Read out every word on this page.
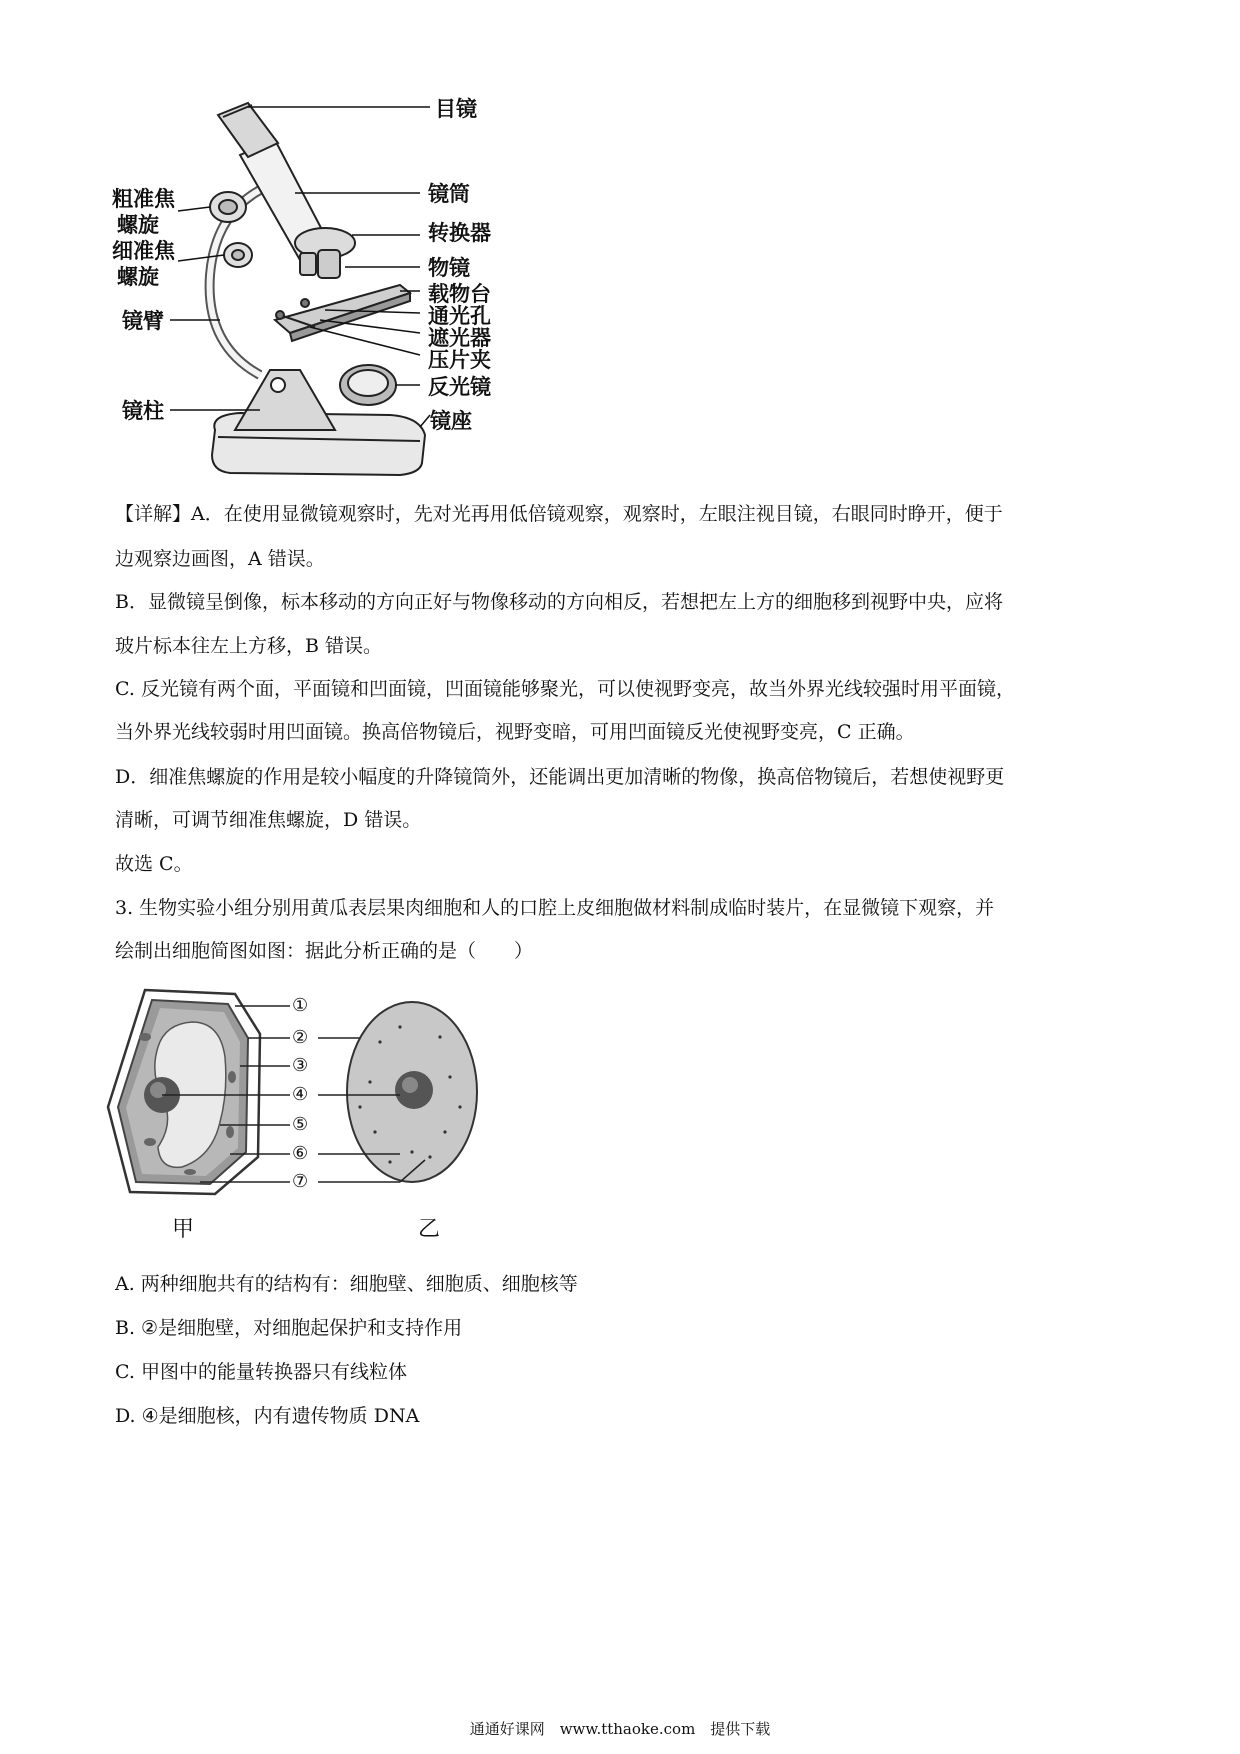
目镜
镜筒
转换器
物镜
载物台
通光孔
遮光器
压片夹
反光镜
镜座
粗准焦
螺旋
细准焦
螺旋
镜臂
镜柱
【详解】A．在使用显微镜观察时，先对光再用低倍镜观察，观察时，左眼注视目镜，右眼同时睁开，便于
边观察边画图，A 错误。
B．显微镜呈倒像，标本移动的方向正好与物像移动的方向相反，若想把左上方的细胞移到视野中央，应将
玻片标本往左上方移，B 错误。
C. 反光镜有两个面，平面镜和凹面镜，凹面镜能够聚光，可以使视野变亮，故当外界光线较强时用平面镜，
当外界光线较弱时用凹面镜。换高倍物镜后，视野变暗，可用凹面镜反光使视野变亮，C 正确。
D．细准焦螺旋的作用是较小幅度的升降镜筒外，还能调出更加清晰的物像，换高倍物镜后，若想使视野更
清晰，可调节细准焦螺旋，D 错误。
故选 C。
3. 生物实验小组分别用黄瓜表层果肉细胞和人的口腔上皮细胞做材料制成临时装片，在显微镜下观察，并
绘制出细胞简图如图：据此分析正确的是（　　）
①
②
③
④
⑤
⑥
⑦
甲	乙
A. 两种细胞共有的结构有：细胞壁、细胞质、细胞核等
B. ②是细胞壁，对细胞起保护和支持作用
C. 甲图中的能量转换器只有线粒体
D. ④是细胞核，内有遗传物质 DNA
通通好课网　www.tthaoke.com　提供下载
